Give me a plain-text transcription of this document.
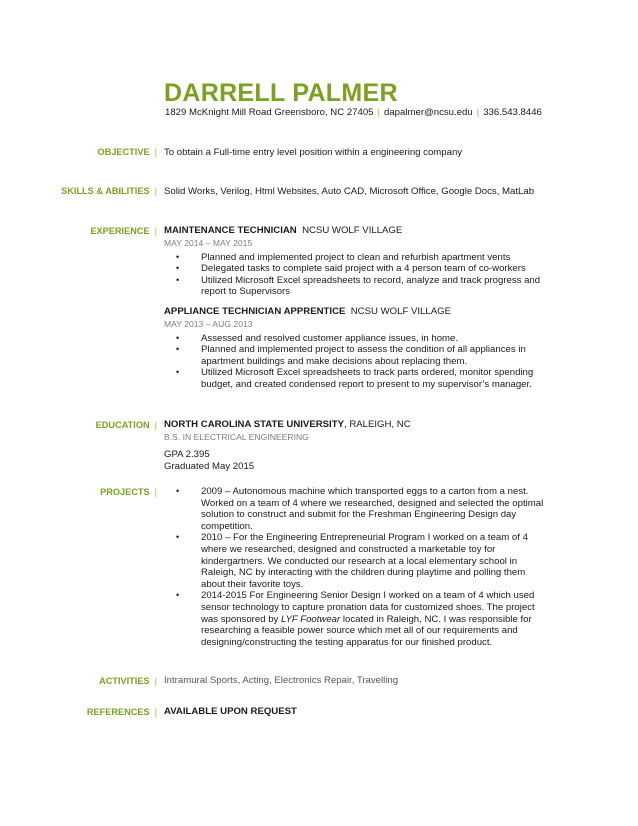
DARRELL PALMER
1829 McKnight Mill Road Greensboro, NC 27405 | dapalmer@ncsu.edu | 336.543.8446
OBJECTIVE | To obtain a Full-time entry level position within a engineering company
SKILLS & ABILITIES | Solid Works, Verilog, Html Websites, Auto CAD, Microsoft Office, Google Docs, MatLab
EXPERIENCE | MAINTENANCE TECHNICIAN NCSU WOLF VILLAGE
MAY 2014 – MAY 2015
• Planned and implemented project to clean and refurbish apartment vents
• Delegated tasks to complete said project with a 4 person team of co-workers
• Utilized Microsoft Excel spreadsheets to record, analyze and track progress and report to Supervisors
APPLIANCE TECHNICIAN APPRENTICE NCSU WOLF VILLAGE
MAY 2013 – AUG.2013
• Assessed and resolved customer appliance issues, in home.
• Planned and implemented project to assess the condition of all appliances in apartment buildings and make decisions about replacing them.
• Utilized Microsoft Excel spreadsheets to track parts ordered, monitor spending budget, and created condensed report to present to my supervisor’s manager.
EDUCATION | NORTH CAROLINA STATE UNIVERSITY, RALEIGH, NC
B.S. IN ELECTRICAL ENGINEERING
GPA 2.395
Graduated May 2015
PROJECTS |
•	2009 – Autonomous machine which transported eggs to a carton from a nest. Worked on a team of 4 where we researched, designed and selected the optimal solution to construct and submit for the Freshman Engineering Design day competition.
• 2010 – For the Engineering Entrepreneurial Program I worked on a team of 4 where we researched, designed and constructed a marketable toy for kindergartners. We conducted our research at a local elementary school in Raleigh, NC by interacting with the children during playtime and polling them about their favorite toys.
• 2014-2015 For Engineering Senior Design I worked on a team of 4 which used sensor technology to capture pronation data for customized shoes. The project was sponsored by LYF Footwear located in Raleigh, NC. I was responsible for researching a feasible power source which met all of our requirements and designing/constructing the testing apparatus for our finished product.
ACTIVITIES | Intramural Sports, Acting, Electronics Repair, Travelling
REFERENCES | AVAILABLE UPON REQUEST
